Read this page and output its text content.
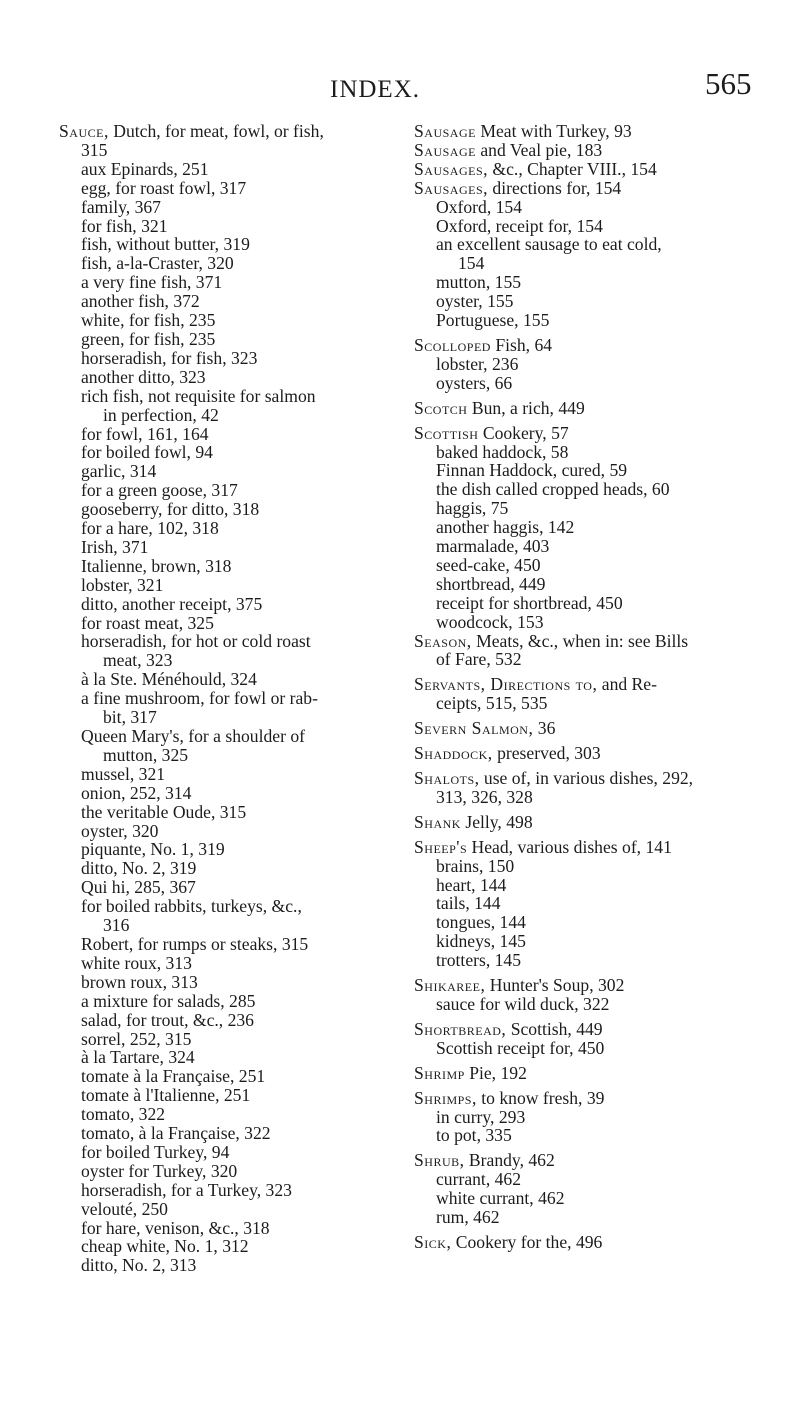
INDEX.	565
Sauce, Dutch, for meat, fowl, or fish,
315
aux Epinards, 251
egg, for roast fowl, 317
family, 367
for fish, 321
fish, without butter, 319
fish, a-la-Craster, 320
a very fine fish, 371
another fish, 372
white, for fish, 235
green, for fish, 235
horseradish, for fish, 323
another ditto, 323
rich fish, not requisite for salmon
in perfection, 42
for fowl, 161, 164
for boiled fowl, 94
garlic, 314
for a green goose, 317
gooseberry, for ditto, 318
for a hare, 102, 318
Irish, 371
Italienne, brown, 318
lobster, 321
ditto, another receipt, 375
for roast meat, 325
horseradish, for hot or cold roast
meat, 323
à la Ste. Ménéhould, 324
a fine mushroom, for fowl or rab-
bit, 317
Queen Mary's, for a shoulder of
mutton, 325
mussel, 321
onion, 252, 314
the veritable Oude, 315
oyster, 320
piquante, No. 1, 319
ditto, No. 2, 319
Qui hi, 285, 367
for boiled rabbits, turkeys, &c.,
316
Robert, for rumps or steaks, 315
white roux, 313
brown roux, 313
a mixture for salads, 285
salad, for trout, &c., 236
sorrel, 252, 315
à la Tartare, 324
tomate à la Française, 251
tomate à l'Italienne, 251
tomato, 322
tomato, à la Française, 322
for boiled Turkey, 94
oyster for Turkey, 320
horseradish, for a Turkey, 323
velouté, 250
for hare, venison, &c., 318
cheap white, No. 1, 312
ditto, No. 2, 313
Sausage Meat with Turkey, 93
Sausage and Veal pie, 183
Sausages, &c., Chapter VIII., 154
Sausages, directions for, 154
Oxford, 154
Oxford, receipt for, 154
an excellent sausage to eat cold,
154
mutton, 155
oyster, 155
Portuguese, 155
Scolloped Fish, 64
lobster, 236
oysters, 66
Scotch Bun, a rich, 449
Scottish Cookery, 57
baked haddock, 58
Finnan Haddock, cured, 59
the dish called cropped heads, 60
haggis, 75
another haggis, 142
marmalade, 403
seed-cake, 450
shortbread, 449
receipt for shortbread, 450
woodcock, 153
Season, Meats, &c., when in: see Bills
of Fare, 532
Servants, Directions to, and Re-
ceipts, 515, 535
Severn Salmon, 36
Shaddock, preserved, 303
Shalots, use of, in various dishes, 292,
313, 326, 328
Shank Jelly, 498
Sheep's Head, various dishes of, 141
brains, 150
heart, 144
tails, 144
tongues, 144
kidneys, 145
trotters, 145
Shikaree, Hunter's Soup, 302
sauce for wild duck, 322
Shortbread, Scottish, 449
Scottish receipt for, 450
Shrimp Pie, 192
Shrimps, to know fresh, 39
in curry, 293
to pot, 335
Shrub, Brandy, 462
currant, 462
white currant, 462
rum, 462
Sick, Cookery for the, 496
